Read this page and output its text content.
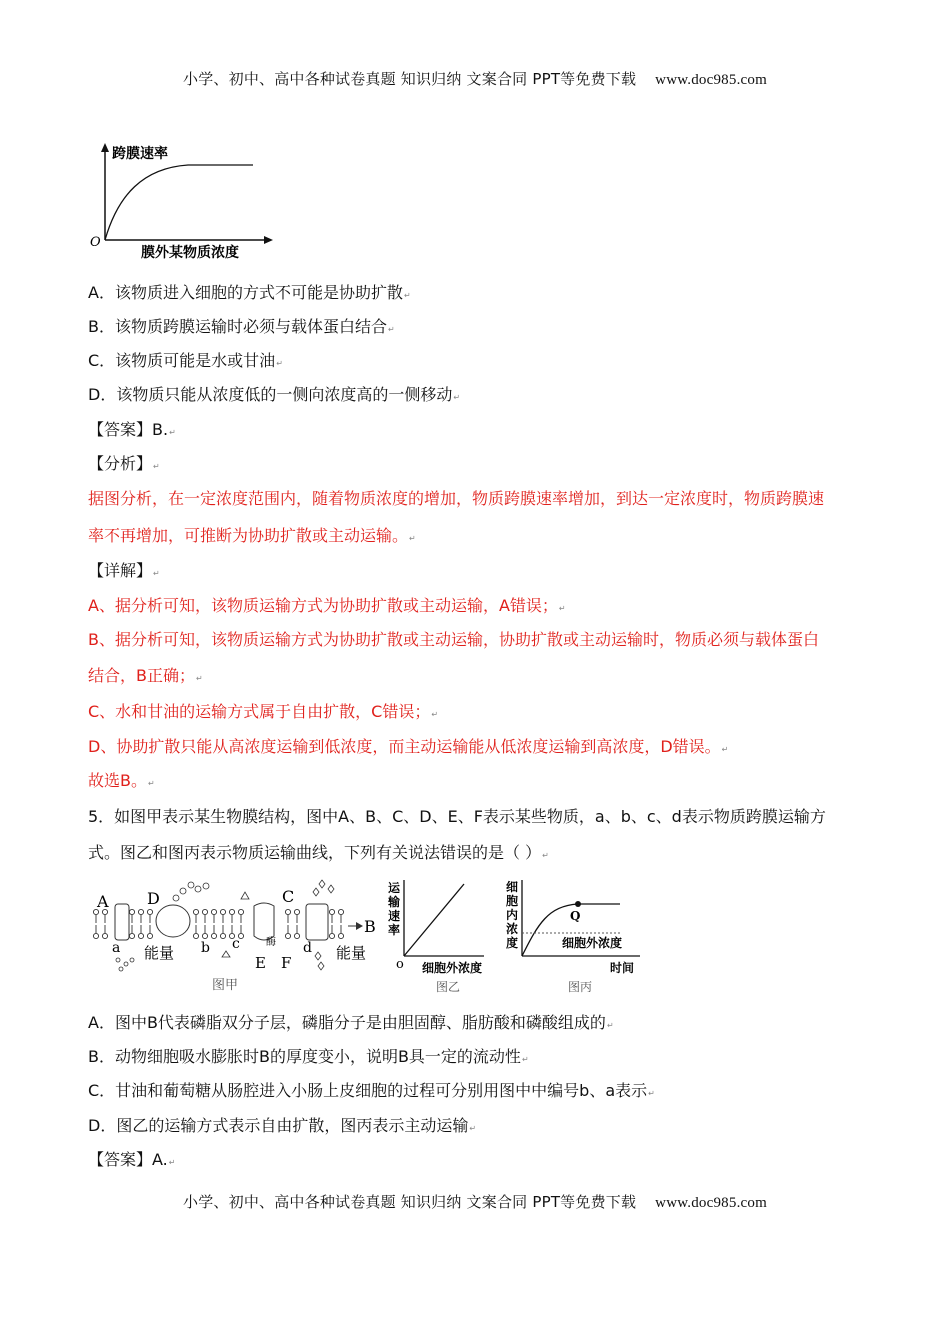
小学、初中、高中各种试卷真题 知识归纳 文案合同 PPT等免费下载 www.doc985.com
跨膜速率
膜外某物质浓度
O
A．该物质进入细胞的方式不可能是协助扩散↵
B．该物质跨膜运输时必须与载体蛋白结合↵
C．该物质可能是水或甘油↵
D．该物质只能从浓度低的一侧向浓度高的一侧移动↵
【答案】B.↵
【分析】↵
据图分析，在一定浓度范围内，随着物质浓度的增加，物质跨膜速率增加，到达一定浓度时，物质跨膜速
率不再增加，可推断为协助扩散或主动运输。↵
【详解】↵
A、据分析可知，该物质运输方式为协助扩散或主动运输，A错误；↵
B、据分析可知，该物质运输方式为协助扩散或主动运输，协助扩散或主动运输时，物质必须与载体蛋白
结合，B正确；↵
C、水和甘油的运输方式属于自由扩散，C错误；↵
D、协助扩散只能从高浓度运输到低浓度，而主动运输能从低浓度运输到高浓度，D错误。↵
故选B。↵
5．如图甲表示某生物膜结构，图中A、B、C、D、E、F表示某些物质，a、b、c、d表示物质跨膜运输方
式。图乙和图丙表示物质运输曲线，下列有关说法错误的是（ ）↵
A D	C
B
a	b c	d
E F
能量	能量
酶
图甲
运
输
速
率
o 细胞外浓度
图乙
Q
细
胞
内
浓
度	细胞外浓度
时间
图丙
A．图中B代表磷脂双分子层，磷脂分子是由胆固醇、脂肪酸和磷酸组成的↵
B．动物细胞吸水膨胀时B的厚度变小，说明B具一定的流动性↵
C．甘油和葡萄糖从肠腔进入小肠上皮细胞的过程可分别用图中中编号b、a表示↵
D．图乙的运输方式表示自由扩散，图丙表示主动运输↵
【答案】A.↵
小学、初中、高中各种试卷真题 知识归纳 文案合同 PPT等免费下载 www.doc985.com
